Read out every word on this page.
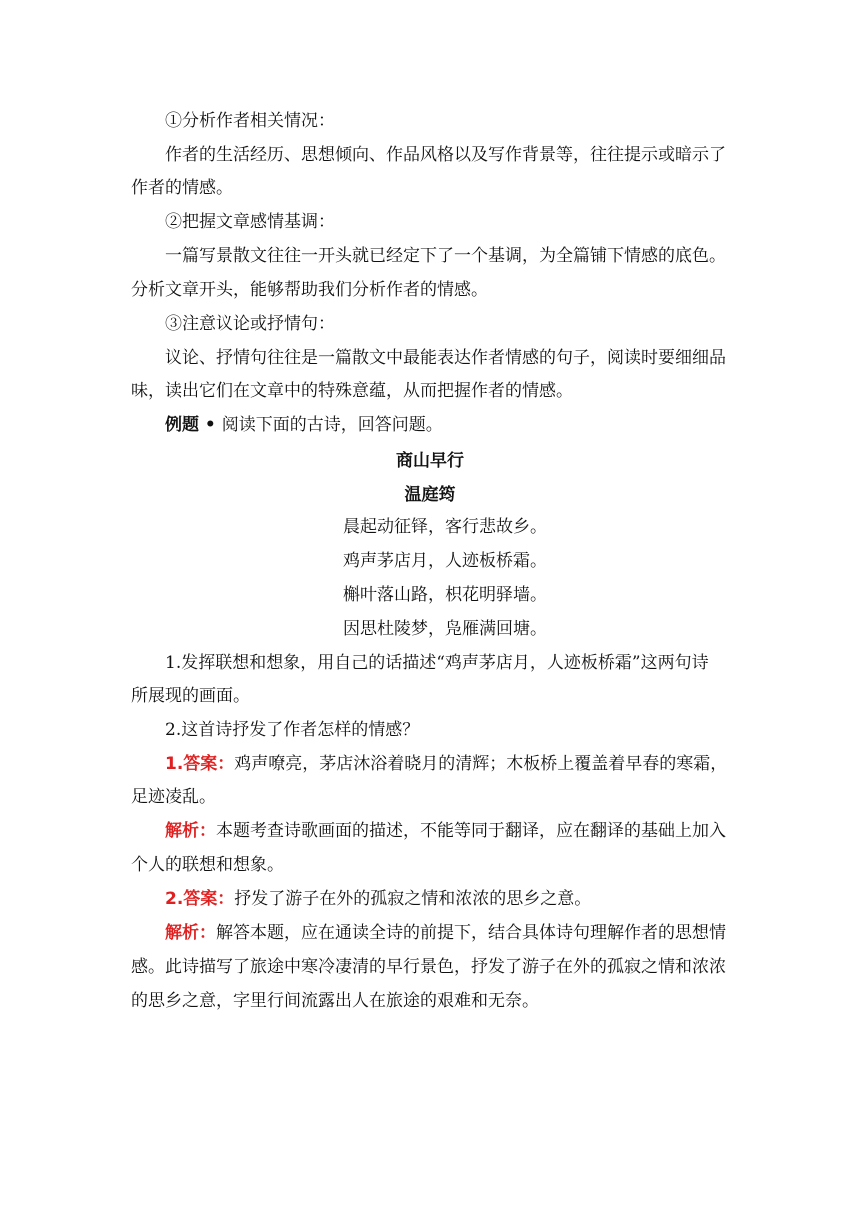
①分析作者相关情况：
作者的生活经历、思想倾向、作品风格以及写作背景等，往往提示或暗示了
作者的情感。
②把握文章感情基调：
一篇写景散文往往一开头就已经定下了一个基调，为全篇铺下情感的底色。
分析文章开头，能够帮助我们分析作者的情感。
③注意议论或抒情句：
议论、抒情句往往是一篇散文中最能表达作者情感的句子，阅读时要细细品
味，读出它们在文章中的特殊意蕴，从而把握作者的情感。
例题 • 阅读下面的古诗，回答问题。
商山早行
温庭筠
晨起动征铎，客行悲故乡。
鸡声茅店月，人迹板桥霜。
槲叶落山路，枳花明驿墙。
因思杜陵梦，凫雁满回塘。
1.发挥联想和想象，用自己的话描述“鸡声茅店月，人迹板桥霜”这两句诗
所展现的画面。
2.这首诗抒发了作者怎样的情感？
1.答案：鸡声嘹亮，茅店沐浴着晓月的清辉；木板桥上覆盖着早春的寒霜，
足迹凌乱。
解析：本题考查诗歌画面的描述，不能等同于翻译，应在翻译的基础上加入
个人的联想和想象。
2.答案：抒发了游子在外的孤寂之情和浓浓的思乡之意。
解析：解答本题，应在通读全诗的前提下，结合具体诗句理解作者的思想情
感。此诗描写了旅途中寒冷凄清的早行景色，抒发了游子在外的孤寂之情和浓浓
的思乡之意，字里行间流露出人在旅途的艰难和无奈。
